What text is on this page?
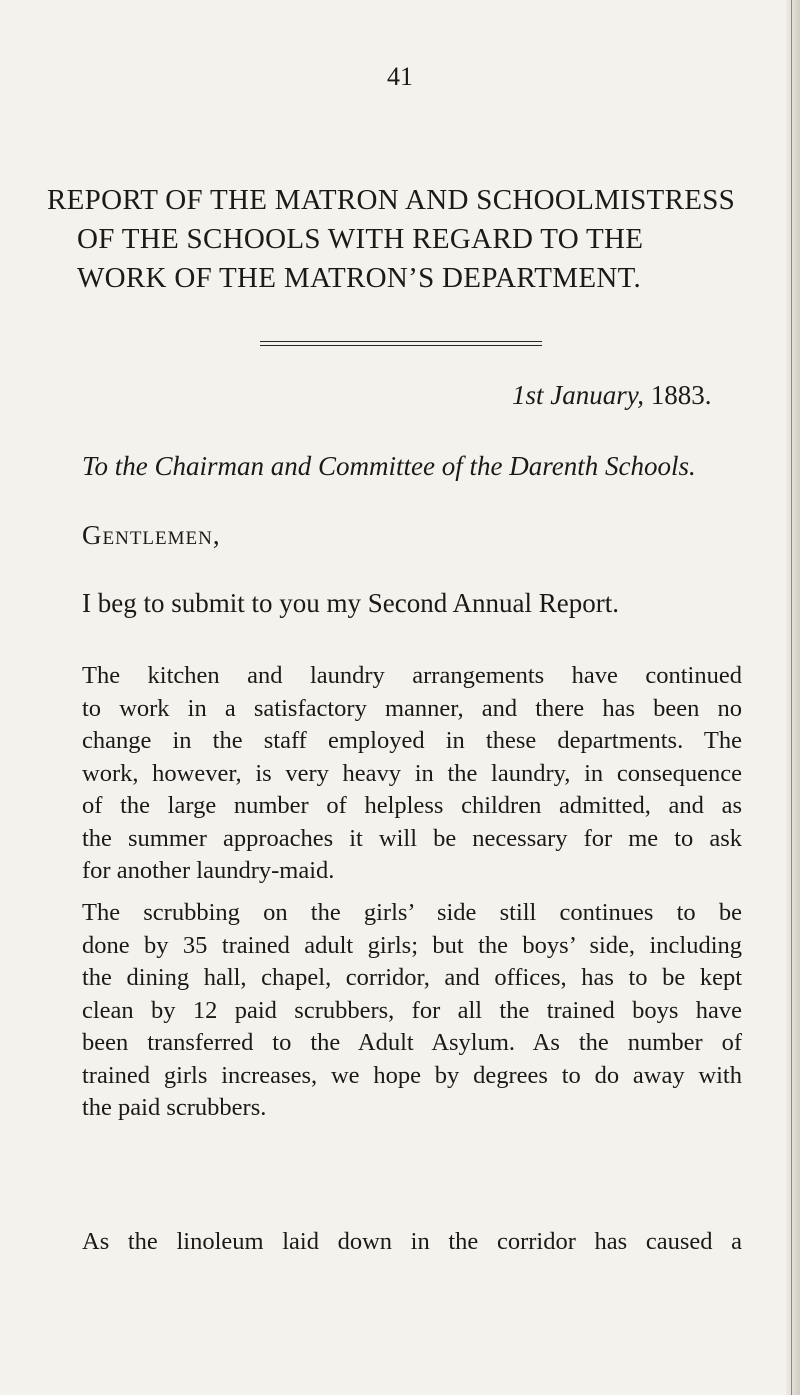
41
REPORT OF THE MATRON AND SCHOOLMISTRESS
OF THE SCHOOLS WITH REGARD TO THE
WORK OF THE MATRON’S DEPARTMENT.
1st January, 1883.
To the Chairman and Committee of the Darenth Schools.
Gentlemen,
I beg to submit to you my Second Annual Report.
The kitchen and laundry arrangements have continued
to work in a satisfactory manner, and there has been no
change in the staff employed in these departments. The
work, however, is very heavy in the laundry, in consequence
of the large number of helpless children admitted, and as
the summer approaches it will be necessary for me to ask
for another laundry-maid.
The scrubbing on the girls’ side still continues to be
done by 35 trained adult girls; but the boys’ side, including
the dining hall, chapel, corridor, and offices, has to be kept
clean by 12 paid scrubbers, for all the trained boys have
been transferred to the Adult Asylum. As the number of
trained girls increases, we hope by degrees to do away with
the paid scrubbers.
As the linoleum laid down in the corridor has caused a
